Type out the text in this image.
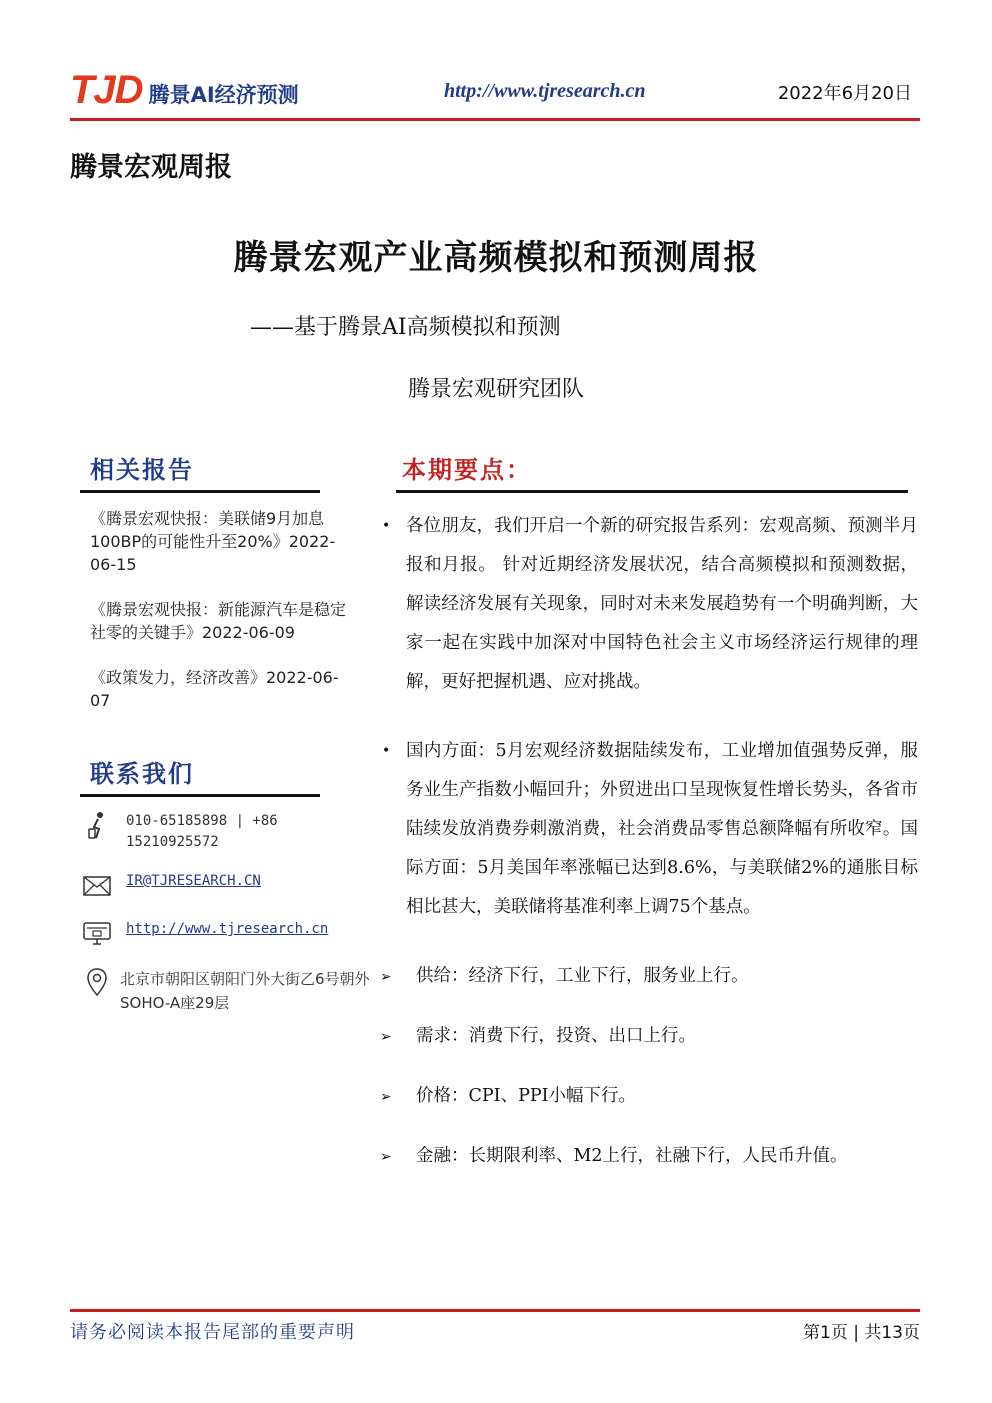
TJD 腾景AI经济预测	http://www.tjresearch.cn	2022年6月20日
腾景宏观周报
腾景宏观产业高频模拟和预测周报
——基于腾景AI高频模拟和预测
腾景宏观研究团队
相关报告
《腾景宏观快报：美联储9月加息100BP的可能性升至20%》2022-06-15
《腾景宏观快报：新能源汽车是稳定社零的关键手》2022-06-09
《政策发力，经济改善》2022-06-07
联系我们
010-65185898 | +86 15210925572
IR@TJRESEARCH.CN
http://www.tjresearch.cn
北京市朝阳区朝阳门外大街乙6号朝外 SOHO-A座29层
本期要点：
• 各位朋友，我们开启一个新的研究报告系列：宏观高频、预测半月报和月报。 针对近期经济发展状况，结合高频模拟和预测数据，解读经济发展有关现象，同时对未来发展趋势有一个明确判断，大家一起在实践中加深对中国特色社会主义市场经济运行规律的理解，更好把握机遇、应对挑战。
• 国内方面：5月宏观经济数据陆续发布，工业增加值强势反弹，服务业生产指数小幅回升；外贸进出口呈现恢复性增长势头，各省市陆续发放消费券刺激消费，社会消费品零售总额降幅有所收窄。国际方面：5月美国年率涨幅已达到8.6%，与美联储2%的通胀目标相比甚大，美联储将基准利率上调75个基点。
➢	供给：经济下行，工业下行，服务业上行。
➢	需求：消费下行，投资、出口上行。
➢	价格：CPI、PPI小幅下行。
➢	金融：长期限利率、M2上行，社融下行，人民币升值。
请务必阅读本报告尾部的重要声明	第1页 | 共13页
